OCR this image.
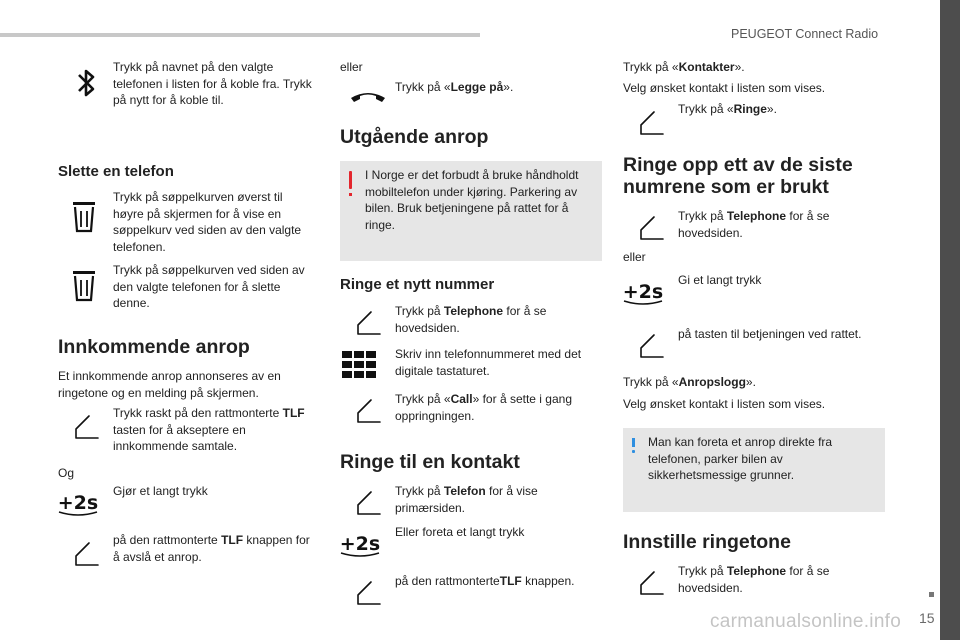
PEUGEOT Connect Radio
15
carmanualsonline.info

Trykk på navnet på den valgte telefonen i listen for å koble fra. Trykk på nytt for å koble til.

Slette en telefon

Trykk på søppelkurven øverst til høyre på skjermen for å vise en søppelkurv ved siden av den valgte telefonen.

Trykk på søppelkurven ved siden av den valgte telefonen for å slette denne.

Innkommende anrop

Et innkommende anrop annonseres av en ringetone og en melding på skjermen.

Trykk raskt på den rattmonterte TLF tasten for å akseptere en innkommende samtale.

Og

+2s

Gjør et langt trykk

på den rattmonterte TLF knappen for å avslå et anrop.

eller

Trykk på «Legge på».

Utgående anrop

I Norge er det forbudt å bruke håndholdt mobiltelefon under kjøring. Parkering av bilen. Bruk betjeningene på rattet for å ringe.

Ringe et nytt nummer

Trykk på Telephone for å se hovedsiden.

Skriv inn telefonnummeret med det digitale tastaturet.

Trykk på «Call» for å sette i gang oppringningen.

Ringe til en kontakt

Trykk på Telefon for å vise primærsiden.

+2s

Eller foreta et langt trykk

på den rattmonterteTLF knappen.

Trykk på «Kontakter».

Velg ønsket kontakt i listen som vises.

Trykk på «Ringe».

Ringe opp ett av de siste numrene som er brukt

Trykk på Telephone for å se hovedsiden.

eller

+2s

Gi et langt trykk

på tasten til betjeningen ved rattet.

Trykk på «Anropslogg».

Velg ønsket kontakt i listen som vises.

Man kan foreta et anrop direkte fra telefonen, parker bilen av sikkerhetsmessige grunner.

Innstille ringetone

Trykk på Telephone for å se hovedsiden.
